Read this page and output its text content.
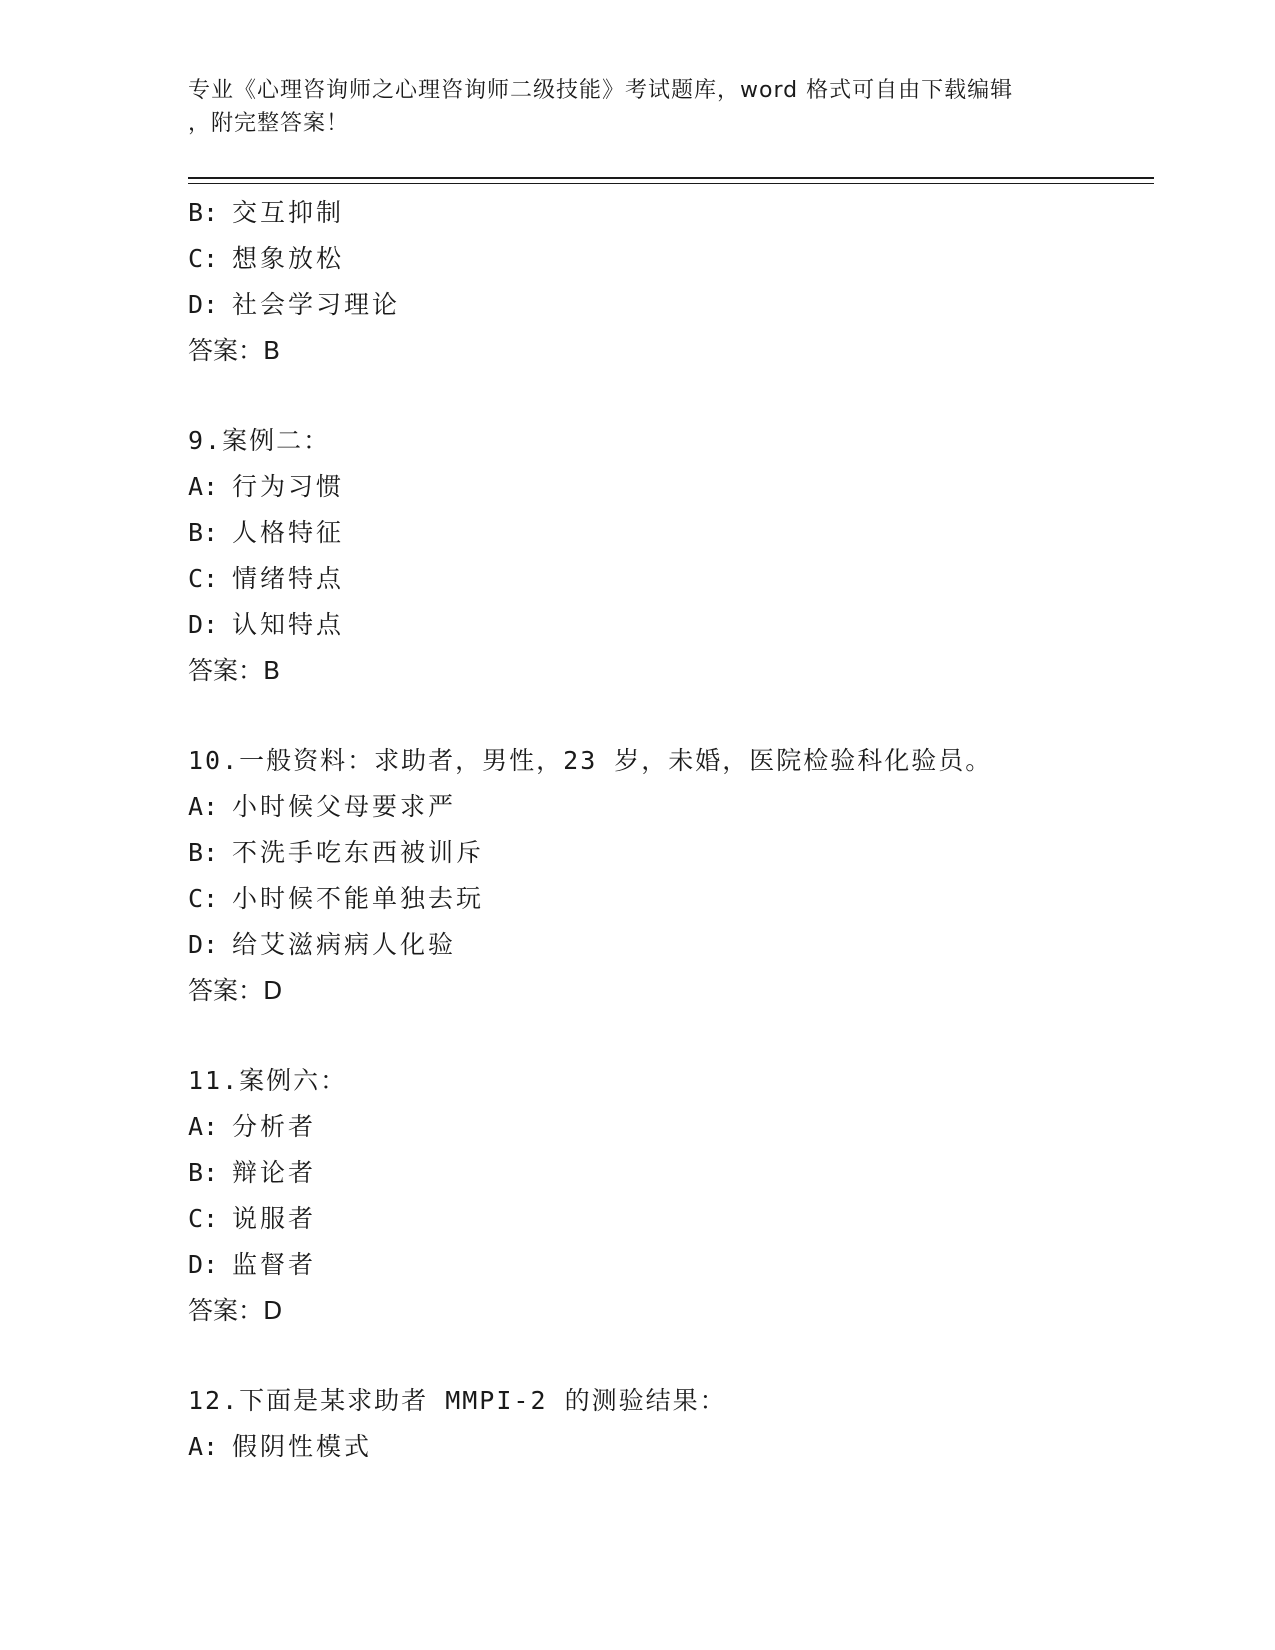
专业《心理咨询师之心理咨询师二级技能》考试题库，word 格式可自由下载编辑
，附完整答案！
B: 交互抑制
C: 想象放松
D: 社会学习理论
答案：B
9.案例二：
A: 行为习惯
B: 人格特征
C: 情绪特点
D: 认知特点
答案：B
10.一般资料：求助者，男性，23 岁，未婚，医院检验科化验员。
A: 小时候父母要求严
B: 不洗手吃东西被训斥
C: 小时候不能单独去玩
D: 给艾滋病病人化验
答案：D
11.案例六：
A: 分析者
B: 辩论者
C: 说服者
D: 监督者
答案：D
12.下面是某求助者 MMPI-2 的测验结果：
A: 假阴性模式
